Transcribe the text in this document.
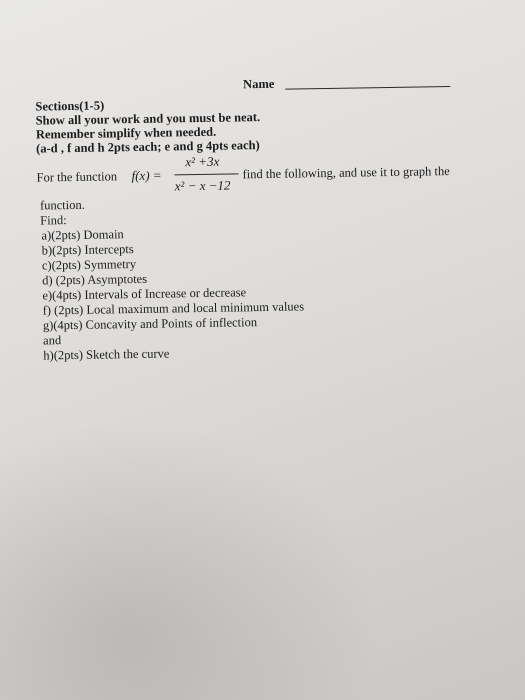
Name
Sections(1-5)
Show all your work and you must be neat.
Remember simplify when needed.
(a-d , f and h 2pts each; e and g 4pts each)
For the function f(x) =
x² +3x
x² − x −12
find the following, and use it to graph the
function.
Find:
a)(2pts) Domain
b)(2pts) Intercepts
c)(2pts) Symmetry
d) (2pts) Asymptotes
e)(4pts) Intervals of Increase or decrease
f) (2pts) Local maximum and local minimum values
g)(4pts) Concavity and Points of inflection
and
h)(2pts) Sketch the curve
